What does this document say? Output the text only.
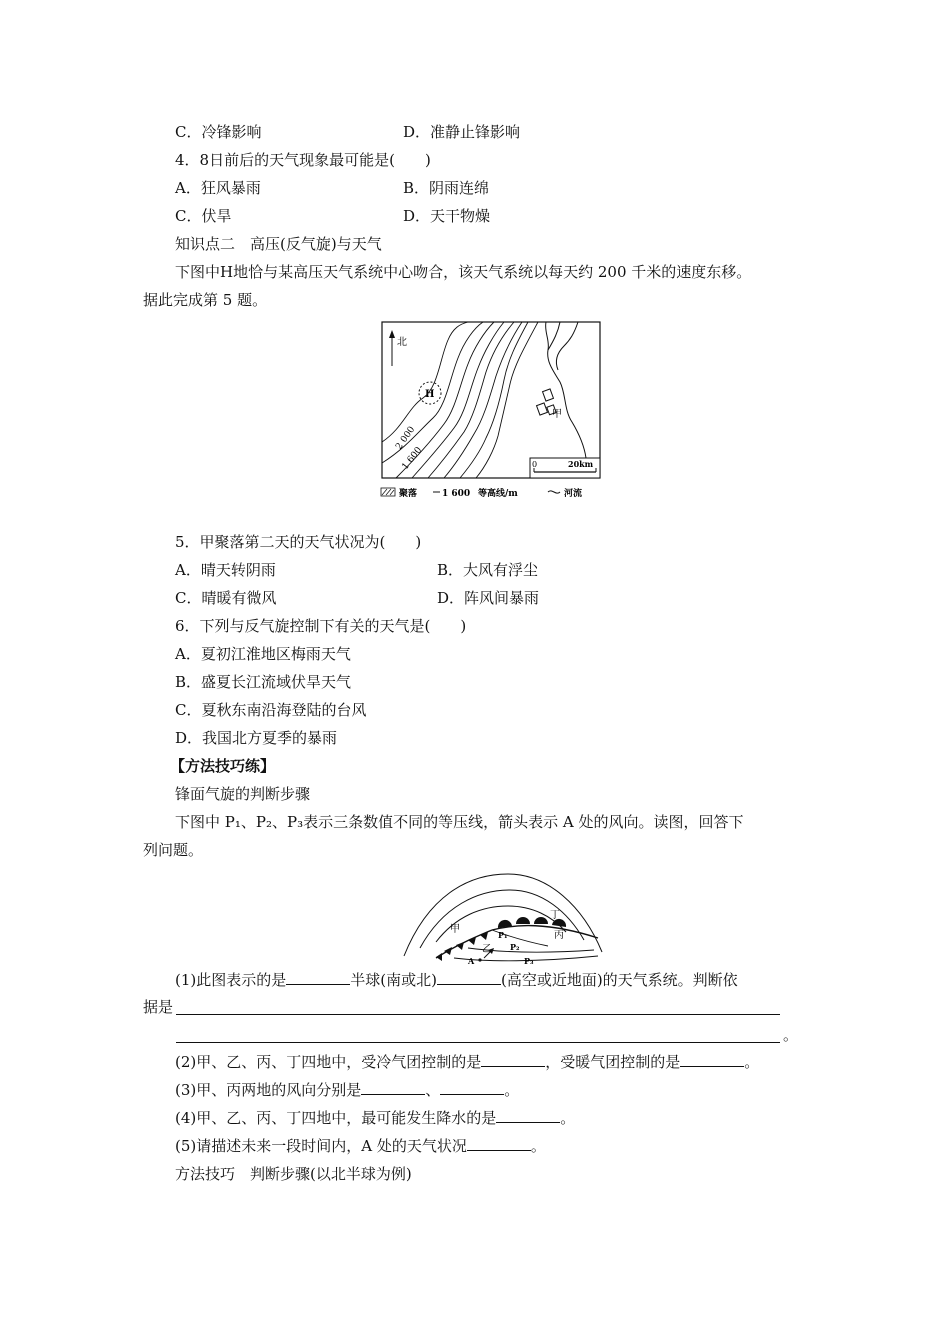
C．冷锋影响	D．准静止锋影响
4．8日前后的天气现象最可能是(　　)
A．狂风暴雨	B．阴雨连绵
C．伏旱	D．天干物燥
知识点二　高压(反气旋)与天气
下图中H地恰与某高压天气系统中心吻合，该天气系统以每天约 200 千米的速度东移。
据此完成第 5 题。
北
H
2 000
1 600
甲
0	20km
聚落	1 600 等高线/m	河流
5．甲聚落第二天的天气状况为(　　)
A．晴天转阴雨	B．大风有浮尘
C．晴暖有微风	D．阵风间暴雨
6．下列与反气旋控制下有关的天气是(　　)
A．夏初江淮地区梅雨天气
B．盛夏长江流域伏旱天气
C．夏秋东南沿海登陆的台风
D．我国北方夏季的暴雨
【方法技巧练】
锋面气旋的判断步骤
下图中 P₁、P₂、P₃表示三条数值不同的等压线，箭头表示 A 处的风向。读图，回答下
列问题。
甲
乙
丙
丁
P₁
P₂
P₃
A
(1)此图表示的是	半球(南或北)	(高空或近地面)的天气系统。判断依
据是
。
(2)甲、乙、丙、丁四地中，受冷气团控制的是	，受暖气团控制的是	。
(3)甲、丙两地的风向分别是	、	。
(4)甲、乙、丙、丁四地中，最可能发生降水的是	。
(5)请描述未来一段时间内，A 处的天气状况	。
方法技巧　判断步骤(以北半球为例)
